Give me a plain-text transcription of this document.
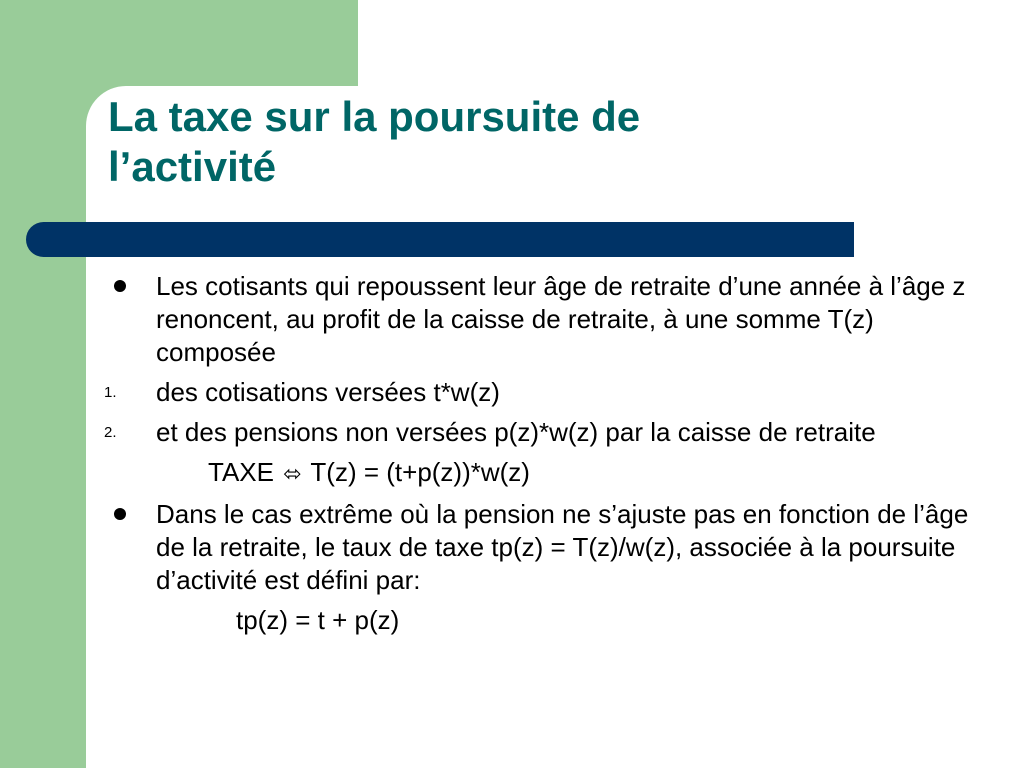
La taxe sur la poursuite de
l’activité
Les cotisants qui repoussent leur âge de retraite d’une année à l’âge z renoncent, au profit de la caisse de retraite, à une somme T(z) composée
1.	des cotisations versées t*w(z)
2.	et des pensions non versées p(z)*w(z) par la caisse de retraite
TAXE ⬄ T(z) = (t+p(z))*w(z)
Dans le cas extrême où la pension ne s’ajuste pas en fonction de l’âge de la retraite, le taux de taxe tp(z) = T(z)/w(z), associée à la poursuite d’activité est défini par:
tp(z) = t + p(z)
